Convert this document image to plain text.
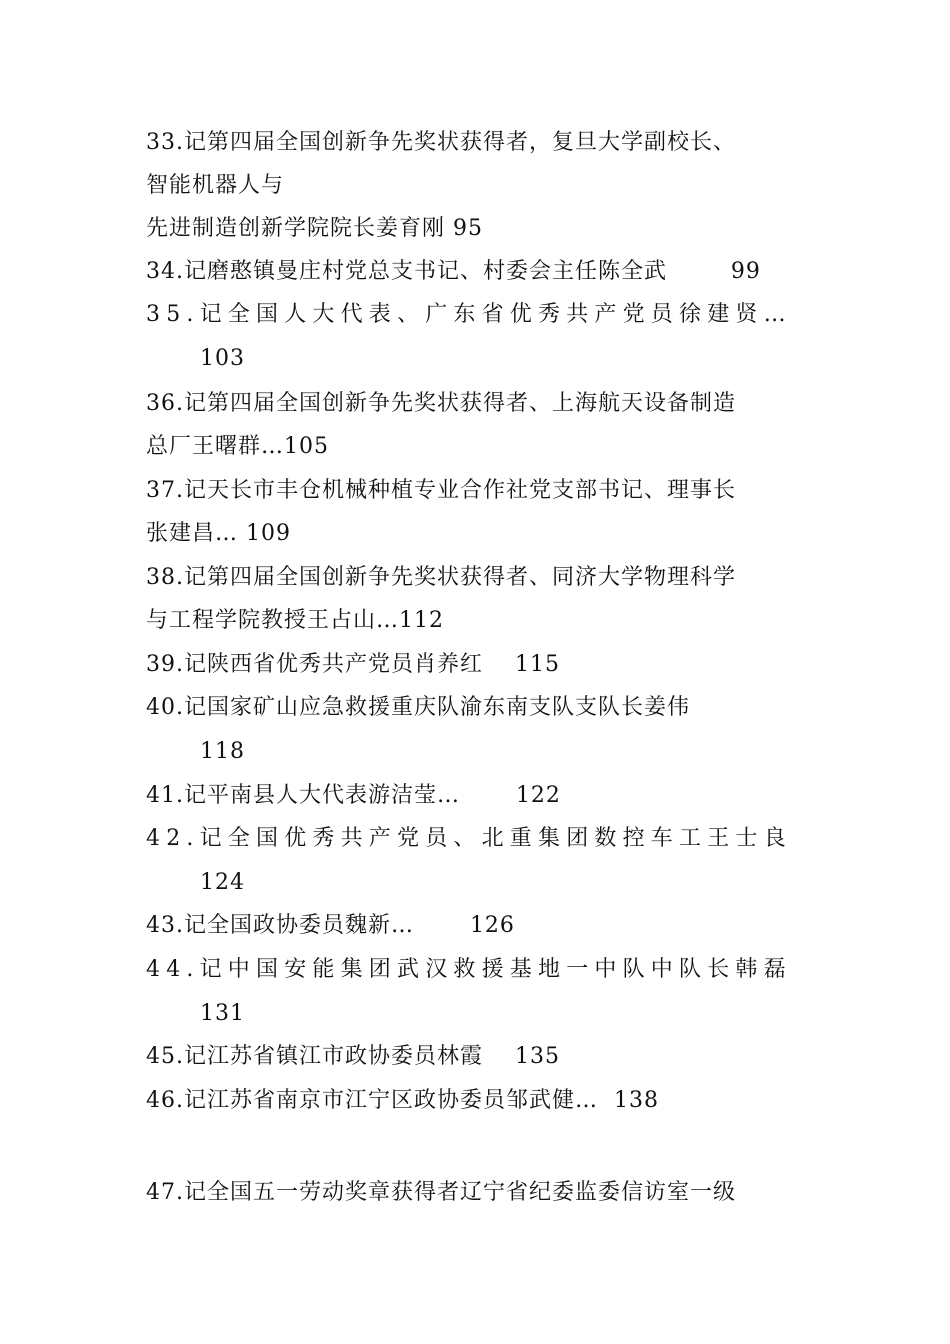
33.记第四届全国创新争先奖状获得者，复旦大学副校长、
智能机器人与
先进制造创新学院院长姜育刚 95
34.记磨憨镇曼庄村党总支书记、村委会主任陈全武        99
35.记全国人大代表、广东省优秀共产党员徐建贤…
103
36.记第四届全国创新争先奖状获得者、上海航天设备制造
总厂王曙群…105
37.记天长市丰仓机械种植专业合作社党支部书记、理事长
张建昌… 109
38.记第四届全国创新争先奖状获得者、同济大学物理科学
与工程学院教授王占山…112
39.记陕西省优秀共产党员肖养红    115
40.记国家矿山应急救援重庆队渝东南支队支队长姜伟
118
41.记平南县人大代表游洁莹…       122
42.记全国优秀共产党员、北重集团数控车工王士良
124
43.记全国政协委员魏新…       126
44.记中国安能集团武汉救援基地一中队中队长韩磊
131
45.记江苏省镇江市政协委员林霞    135
46.记江苏省南京市江宁区政协委员邹武健…  138
47.记全国五一劳动奖章获得者辽宁省纪委监委信访室一级
